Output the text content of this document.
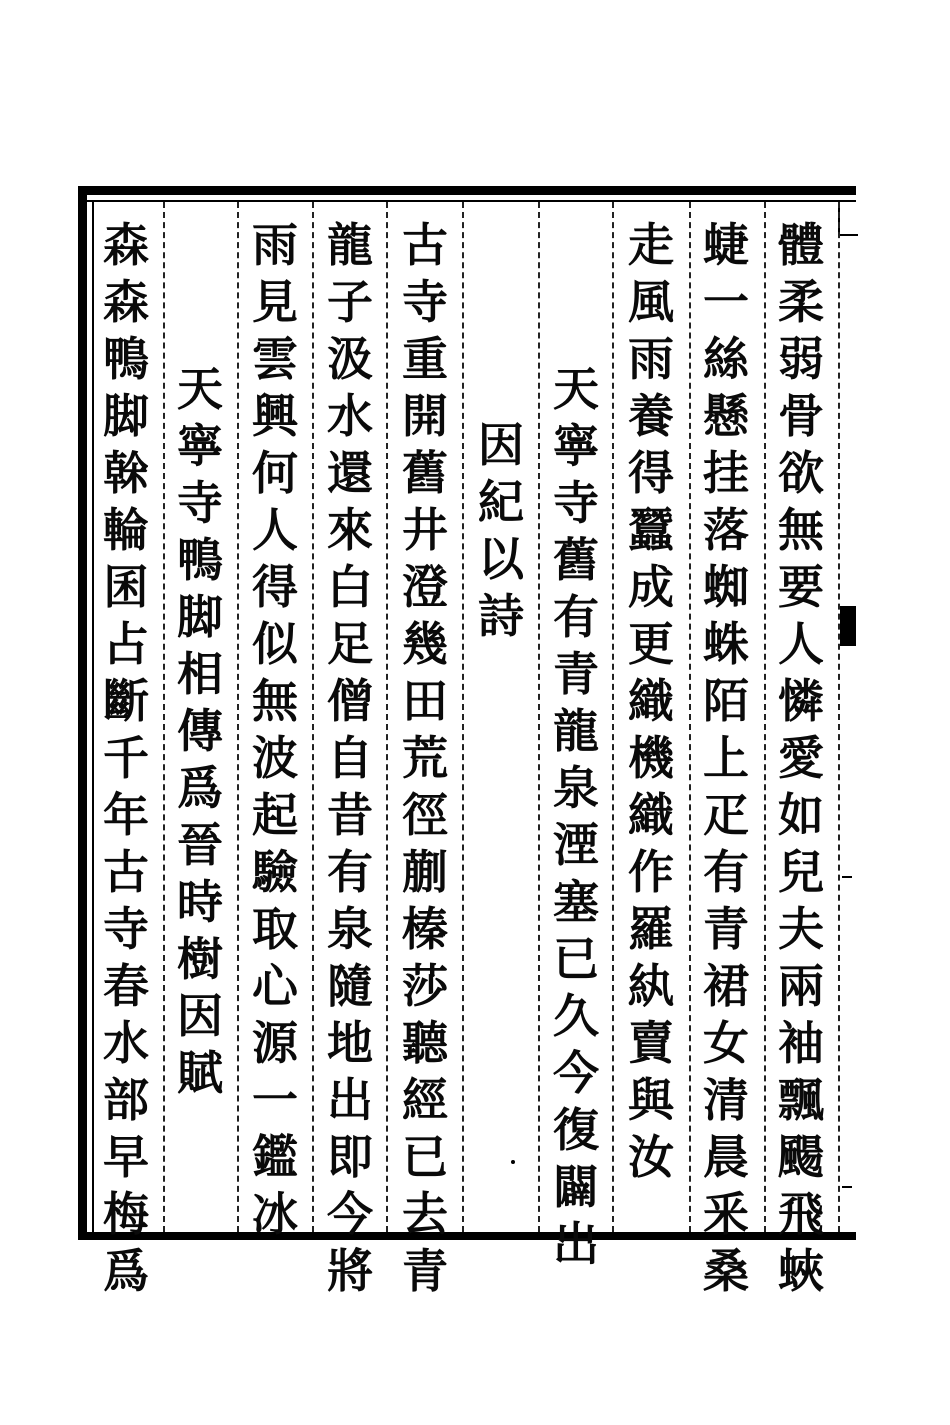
體
柔
弱
骨
欲
無
要
人
憐
愛
如
兒
夫
兩
袖
飄
颺
飛
蛺
蜨
一
絲
懸
挂
落
蜘
蛛
陌
上
疋
有
青
裙
女
清
晨
釆
桑
走
風
雨
養
得
蠶
成
更
織
機
織
作
羅
紈
賣
與
汝
天
寧
寺
舊
有
青
龍
泉
湮
塞
已
久
今
復
闢
出
因
紀
以
詩
古
寺
重
開
舊
井
澄
幾
田
荒
徑
蒯
榛
莎
聽
經
已
去
青
龍
子
汲
水
還
來
白
足
僧
自
昔
有
泉
隨
地
出
即
今
將
雨
見
雲
興
何
人
得
似
無
波
起
驗
取
心
源
一
鑑
冰
天
寧
寺
鴨
脚
相
傳
爲
晉
時
樹
因
賦
森
森
鴨
脚
榦
輪
囷
占
斷
千
年
古
寺
春
水
部
早
梅
爲
